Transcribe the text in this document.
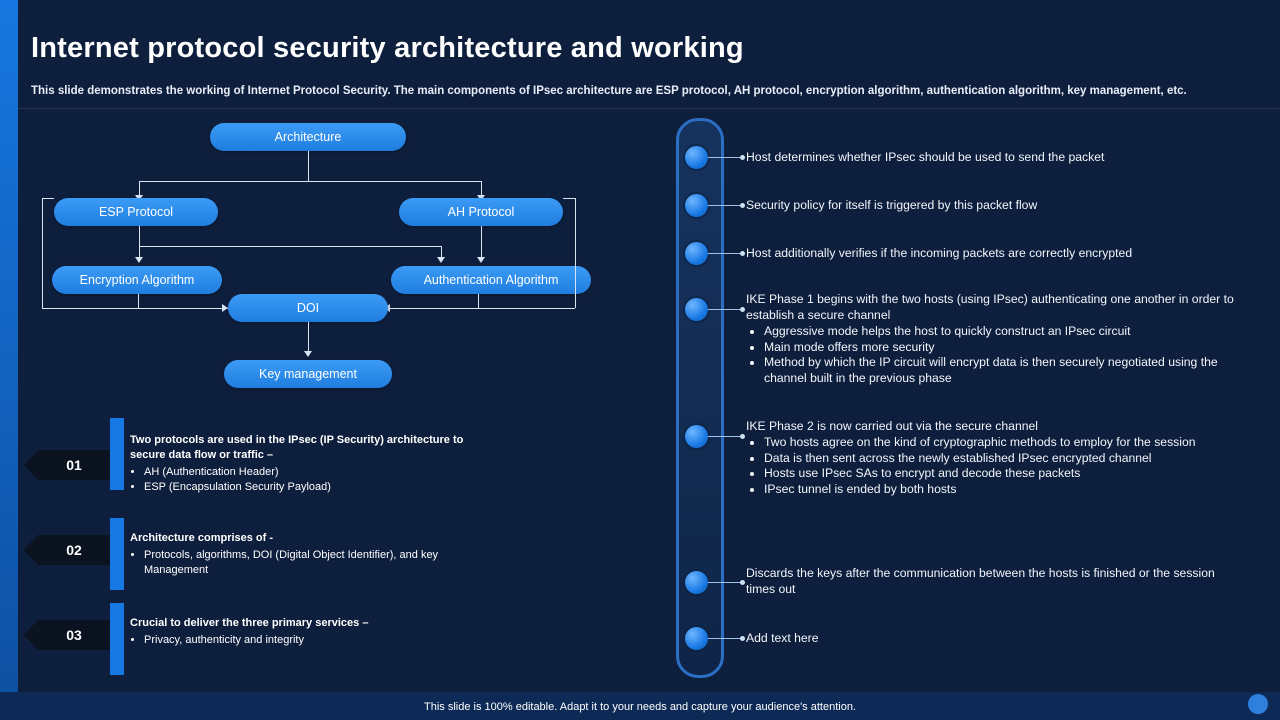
Internet protocol security architecture and working
This slide demonstrates the working of Internet Protocol Security. The main components of IPsec architecture are ESP protocol, AH protocol, encryption algorithm, authentication algorithm, key management, etc.
Architecture
ESP Protocol	AH Protocol
Encryption Algorithm	Authentication Algorithm
DOI
Key management
01
Two protocols are used in the IPsec (IP Security) architecture to secure data flow or traffic –
• AH (Authentication Header)
• ESP (Encapsulation Security Payload)
02
Architecture comprises of -
• Protocols, algorithms, DOI (Digital Object Identifier), and key Management
03
Crucial to deliver the three primary services –
• Privacy, authenticity and integrity
Host determines whether IPsec should be used to send the packet
Security policy for itself is triggered by this packet flow
Host additionally verifies if the incoming packets are correctly encrypted
IKE Phase 1 begins with the two hosts (using IPsec) authenticating one another in order to establish a secure channel
• Aggressive mode helps the host to quickly construct an IPsec circuit
• Main mode offers more security
• Method by which the IP circuit will encrypt data is then securely negotiated using the channel built in the previous phase
IKE Phase 2 is now carried out via the secure channel
• Two hosts agree on the kind of cryptographic methods to employ for the session
• Data is then sent across the newly established IPsec encrypted channel
• Hosts use IPsec SAs to encrypt and decode these packets
• IPsec tunnel is ended by both hosts
Discards the keys after the communication between the hosts is finished or the session times out
Add text here
This slide is 100% editable. Adapt it to your needs and capture your audience's attention.
